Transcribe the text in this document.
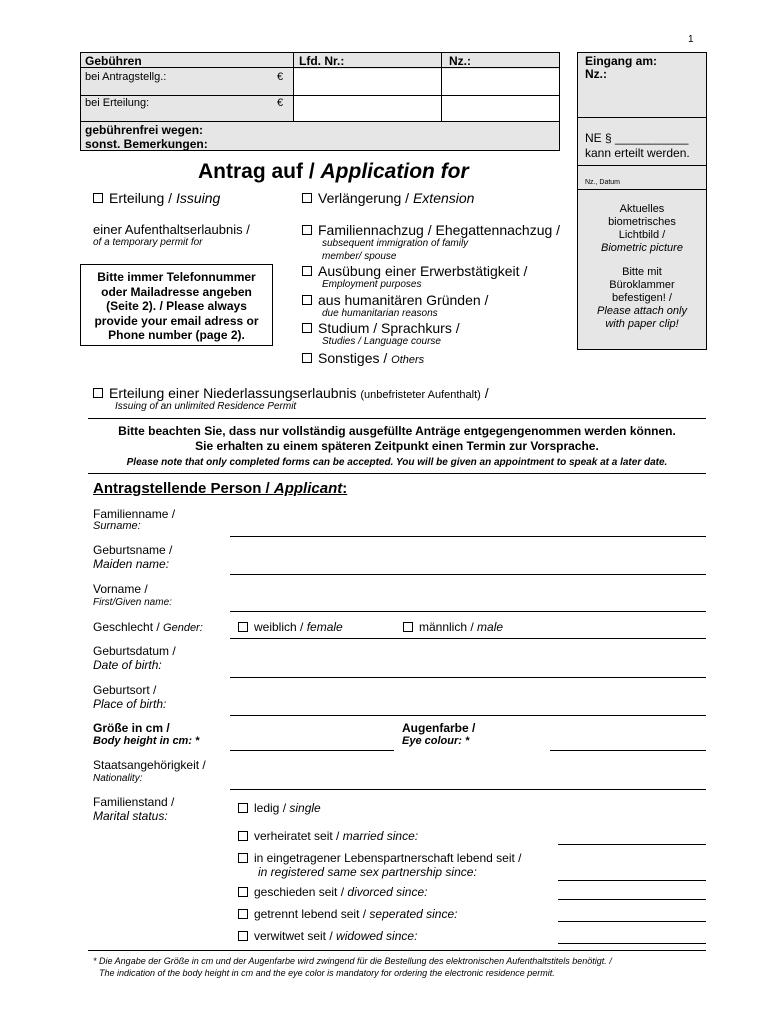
1
Gebühren	Lfd. Nr.:	Nz.:
bei Antragstellg.:	€
bei Erteilung:	€
gebührenfrei wegen:
sonst. Bemerkungen:
Eingang am:
Nz.:
NE § ___________
kann erteilt werden.
Nz., Datum
Aktuelles
biometrisches
Lichtbild /
Biometric picture
Bitte mit
Büroklammer
befestigen! /
Please attach only
with paper clip!
Antrag auf / Application for
Erteilung / Issuing
einer Aufenthaltserlaubnis /
of a temporary permit for
Bitte immer Telefonnummer
oder Mailadresse angeben
(Seite 2). / Please always
provide your email adress or
Phone number (page 2).
Verlängerung / Extension
Familiennachzug / Ehegattennachzug /
subsequent immigration of family
member/ spouse
Ausübung einer Erwerbstätigkeit /
Employment purposes
aus humanitären Gründen /
due humanitarian reasons
Studium / Sprachkurs /
Studies / Language course
Sonstiges / Others
Erteilung einer Niederlassungserlaubnis (unbefristeter Aufenthalt) /
Issuing of an unlimited Residence Permit
Bitte beachten Sie, dass nur vollständig ausgefüllte Anträge entgegengenommen werden können.
Sie erhalten zu einem späteren Zeitpunkt einen Termin zur Vorsprache.
Please note that only completed forms can be accepted. You will be given an appointment to speak at a later date.
Antragstellende Person / Applicant:
Familienname /
Surname:
Geburtsname /
Maiden name:
Vorname /
First/Given name:
Geschlecht / Gender:	weiblich / female	männlich / male
Geburtsdatum /
Date of birth:
Geburtsort /
Place of birth:
Größe in cm /
Body height in cm: *
Augenfarbe /
Eye colour: *
Staatsangehörigkeit /
Nationality:
Familienstand /
Marital status:
ledig / single
verheiratet seit / married since:
in eingetragener Lebenspartnerschaft lebend seit /
in registered same sex partnership since:
geschieden seit / divorced since:
getrennt lebend seit / seperated since:
verwitwet seit / widowed since:
* Die Angabe der Größe in cm und der Augenfarbe wird zwingend für die Bestellung des elektronischen Aufenthaltstitels benötigt. /
The indication of the body height in cm and the eye color is mandatory for ordering the electronic residence permit.
